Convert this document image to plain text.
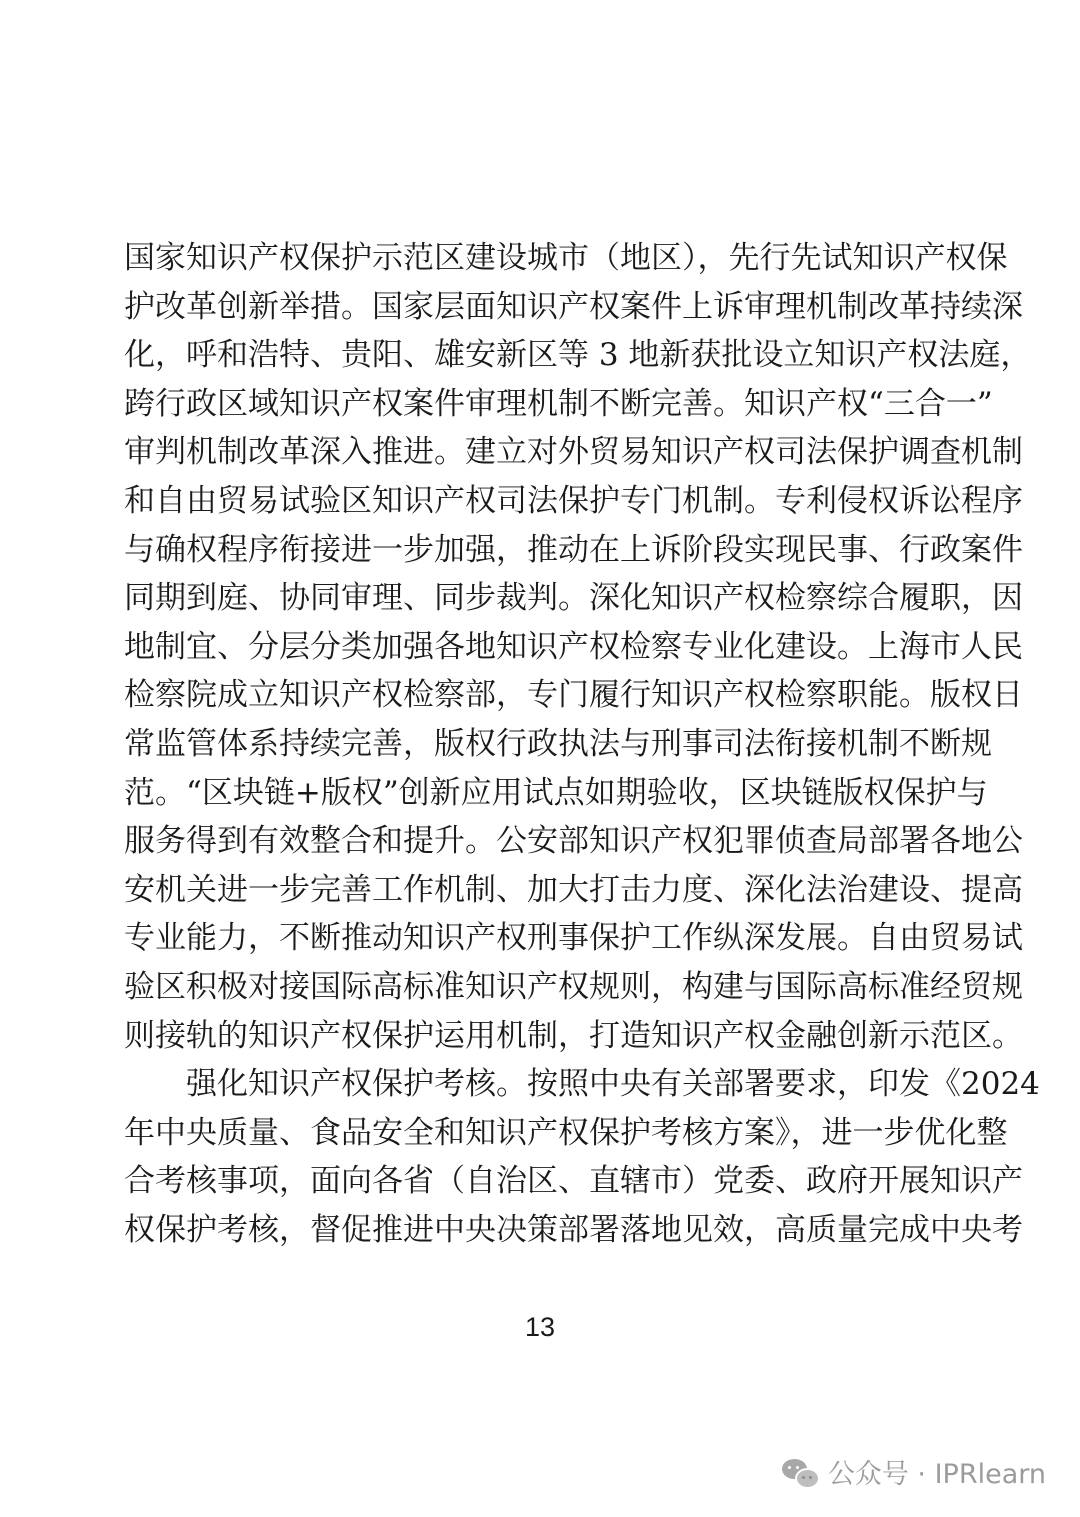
国家知识产权保护示范区建设城市（地区），先行先试知识产权保
护改革创新举措。国家层面知识产权案件上诉审理机制改革持续深
化，呼和浩特、贵阳、雄安新区等 3 地新获批设立知识产权法庭，
跨行政区域知识产权案件审理机制不断完善。知识产权“三合一”
审判机制改革深入推进。建立对外贸易知识产权司法保护调查机制
和自由贸易试验区知识产权司法保护专门机制。专利侵权诉讼程序
与确权程序衔接进一步加强，推动在上诉阶段实现民事、行政案件
同期到庭、协同审理、同步裁判。深化知识产权检察综合履职，因
地制宜、分层分类加强各地知识产权检察专业化建设。上海市人民
检察院成立知识产权检察部，专门履行知识产权检察职能。版权日
常监管体系持续完善，版权行政执法与刑事司法衔接机制不断规
范。“区块链+版权”创新应用试点如期验收，区块链版权保护与
服务得到有效整合和提升。公安部知识产权犯罪侦查局部署各地公
安机关进一步完善工作机制、加大打击力度、深化法治建设、提高
专业能力，不断推动知识产权刑事保护工作纵深发展。自由贸易试
验区积极对接国际高标准知识产权规则，构建与国际高标准经贸规
则接轨的知识产权保护运用机制，打造知识产权金融创新示范区。
强化知识产权保护考核。按照中央有关部署要求，印发《2024
年中央质量、食品安全和知识产权保护考核方案》，进一步优化整
合考核事项，面向各省（自治区、直辖市）党委、政府开展知识产
权保护考核，督促推进中央决策部署落地见效，高质量完成中央考
13
公众号 · IPRlearn
